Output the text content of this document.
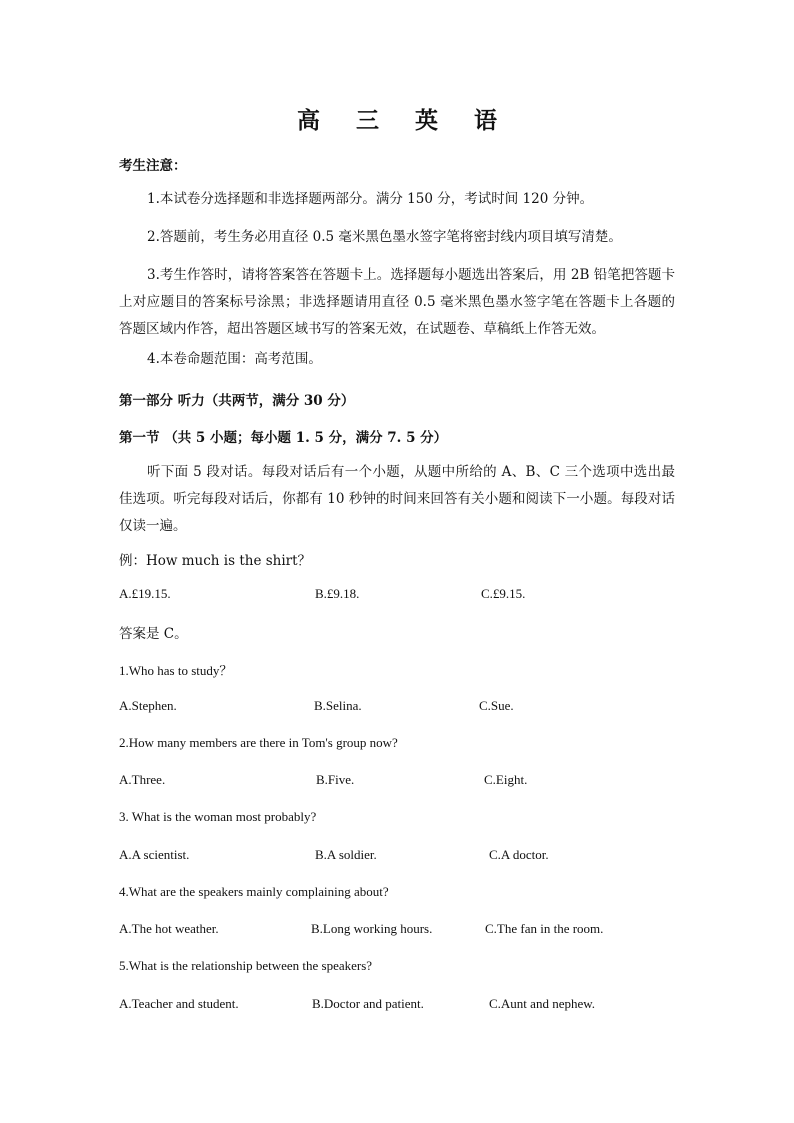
高 三 英 语
考生注意：
1.本试卷分选择题和非选择题两部分。满分 150 分，考试时间 120 分钟。
2.答题前，考生务必用直径 0.5 毫米黑色墨水签字笔将密封线内项目填写清楚。
3.考生作答时，请将答案答在答题卡上。选择题每小题选出答案后，用 2B 铅笔把答题卡上对应题目的答案标号涂黑；非选择题请用直径 0.5 毫米黑色墨水签字笔在答题卡上各题的答题区域内作答，超出答题区域书写的答案无效，在试题卷、草稿纸上作答无效。
4.本卷命题范围：高考范围。
第一部分 听力（共两节，满分 30 分）
第一节 （共 5 小题；每小题 1. 5 分，满分 7. 5 分）
听下面 5 段对话。每段对话后有一个小题，从题中所给的 A、B、C 三个选项中选出最佳选项。听完每段对话后，你都有 10 秒钟的时间来回答有关小题和阅读下一小题。每段对话仅读一遍。
例：How much is the shirt？
A.£19.15.	B.£9.18.	C.£9.15.
答案是 C。
1.Who has to study？
A.Stephen.	B.Selina.	C.Sue.
2.How many members are there in Tom's group now?
A.Three.	B.Five.	C.Eight.
3. What is the woman most probably?
A.A scientist.	B.A soldier.	C.A doctor.
4.What are the speakers mainly complaining about?
A.The hot weather.	B.Long working hours.	C.The fan in the room.
5.What is the relationship between the speakers?
A.Teacher and student.	B.Doctor and patient.	C.Aunt and nephew.
